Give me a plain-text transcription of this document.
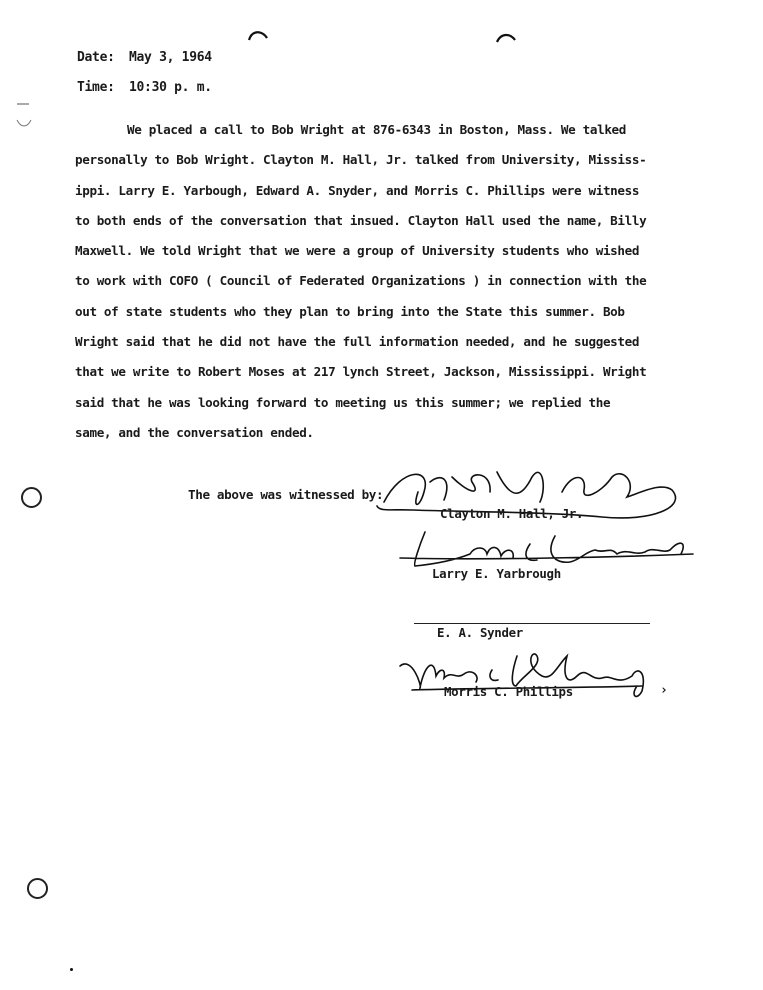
Date: May 3, 1964
Time: 10:30 p. m.
We placed a call to Bob Wright at 876-6343 in Boston, Mass. We talked
personally to Bob Wright. Clayton M. Hall, Jr. talked from University, Mississ-
ippi. Larry E. Yarbough, Edward A. Snyder, and Morris C. Phillips were witness
to both ends of the conversation that insued. Clayton Hall used the name, Billy
Maxwell. We told Wright that we were a group of University students who wished
to work with COFO ( Council of Federated Organizations ) in connection with the
out of state students who they plan to bring into the State this summer. Bob
Wright said that he did not have the full information needed, and he suggested
that we write to Robert Moses at 217 lynch Street, Jackson, Mississippi. Wright
said that he was looking forward to meeting us this summer; we replied the
same, and the conversation ended.
The above was witnessed by:
Clayton M. Hall, Jr.
Larry E. Yarbrough
E. A. Synder
Morris C. Phillips	›
